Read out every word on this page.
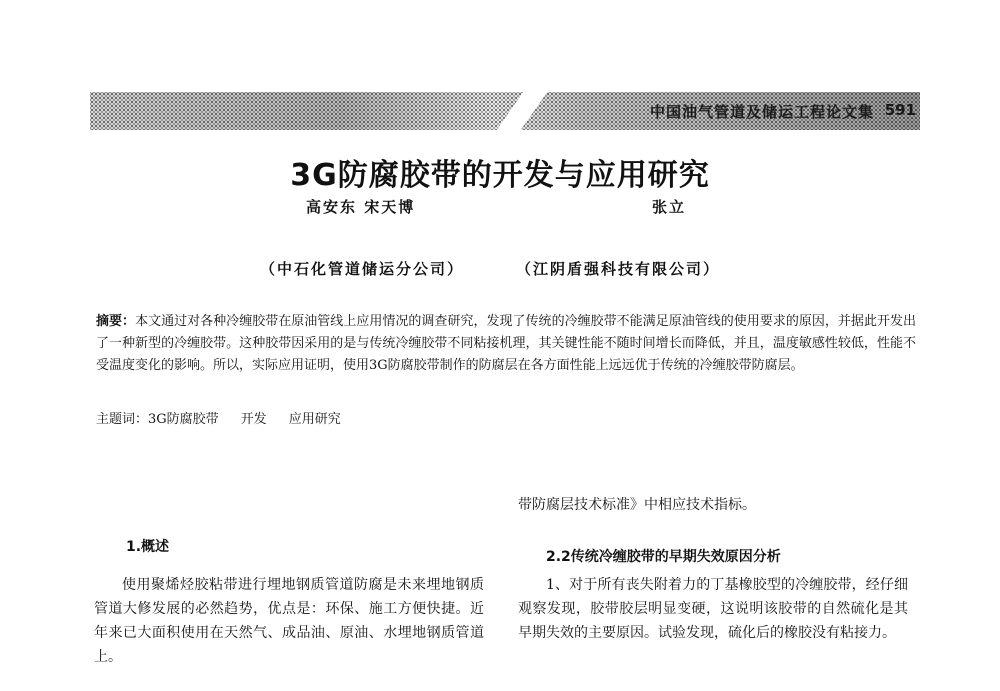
中国油气管道及储运工程论文集 591
3G防腐胶带的开发与应用研究
高安东 宋天博	张立
（中石化管道储运分公司）	（江阴盾强科技有限公司）
摘要：本文通过对各种冷缠胶带在原油管线上应用情况的调查研究，发现了传统的冷缠胶带不能满足原油管线的使用要求的原因，并据此开发出了一种新型的冷缠胶带。这种胶带因采用的是与传统冷缠胶带不同粘接机理，其关键性能不随时间增长而降低，并且，温度敏感性较低，性能不受温度变化的影响。所以，实际应用证明，使用3G防腐胶带制作的防腐层在各方面性能上远远优于传统的冷缠胶带防腐层。
主题词：3G防腐胶带 开发 应用研究
1.概述
使用聚烯烃胶粘带进行埋地钢质管道防腐是未来埋地钢质管道大修发展的必然趋势，优点是：环保、施工方便快捷。近年来已大面积使用在天然气、成品油、原油、水埋地钢质管道上。
带防腐层技术标准》中相应技术指标。
2.2传统冷缠胶带的早期失效原因分析
1、对于所有丧失附着力的丁基橡胶型的冷缠胶带，经仔细观察发现，胶带胶层明显变硬，这说明该胶带的自然硫化是其早期失效的主要原因。试验发现，硫化后的橡胶没有粘接力。
